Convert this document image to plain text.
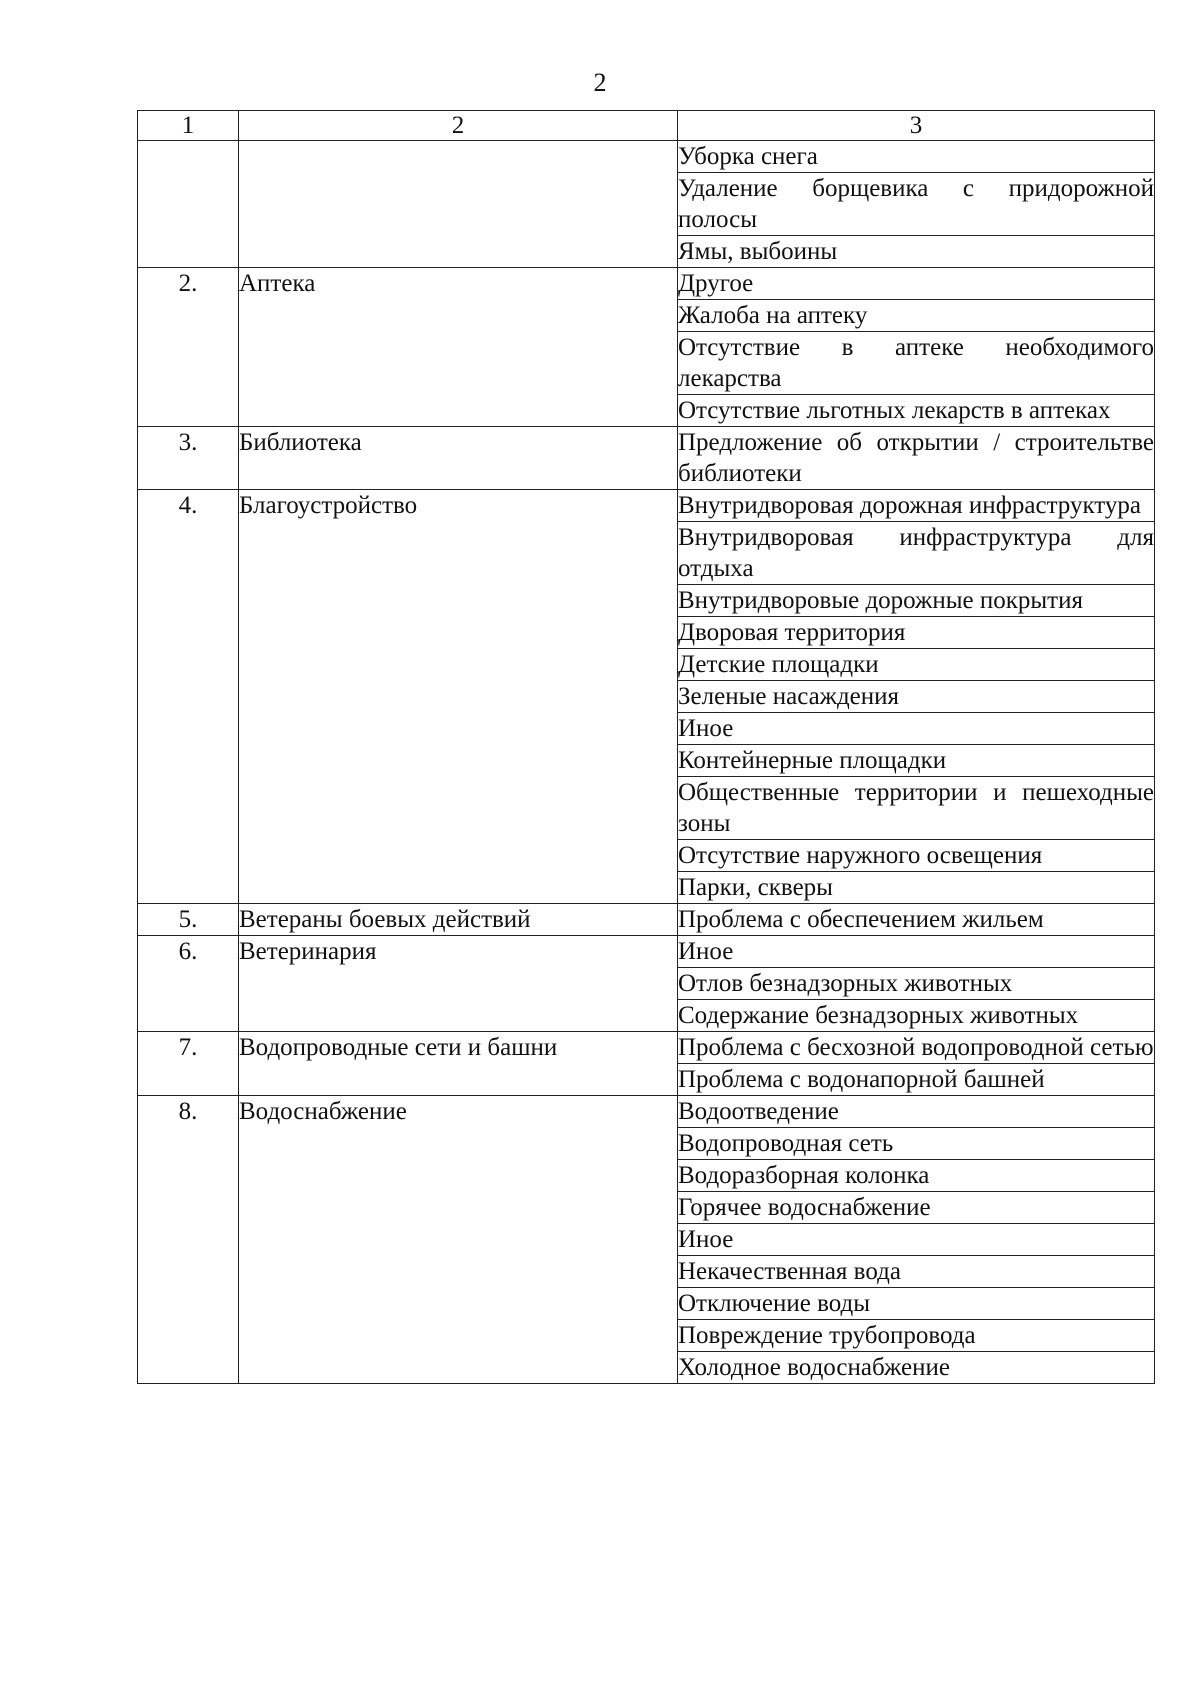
2
1	2	3
		Уборка снега
		Удаление борщевика с придорожной полосы
		Ямы, выбоины
2.	Аптека	Другое
		Жалоба на аптеку
		Отсутствие в аптеке необходимого лекарства
		Отсутствие льготных лекарств в аптеках
3.	Библиотека	Предложение об открытии / строительтве библиотеки
4.	Благоустройство	Внутридворовая дорожная инфраструктура
		Внутридворовая инфраструктура для отдыха
		Внутридворовые дорожные покрытия
		Дворовая территория
		Детские площадки
		Зеленые насаждения
		Иное
		Контейнерные площадки
		Общественные территории и пешеходные зоны
		Отсутствие наружного освещения
		Парки, скверы
5.	Ветераны боевых действий	Проблема с обеспечением жильем
6.	Ветеринария	Иное
		Отлов безнадзорных животных
		Содержание безнадзорных животных
7.	Водопроводные сети и башни	Проблема с бесхозной водопроводной сетью
		Проблема с водонапорной башней
8.	Водоснабжение	Водоотведение
		Водопроводная сеть
		Водоразборная колонка
		Горячее водоснабжение
		Иное
		Некачественная вода
		Отключение воды
		Повреждение трубопровода
		Холодное водоснабжение
